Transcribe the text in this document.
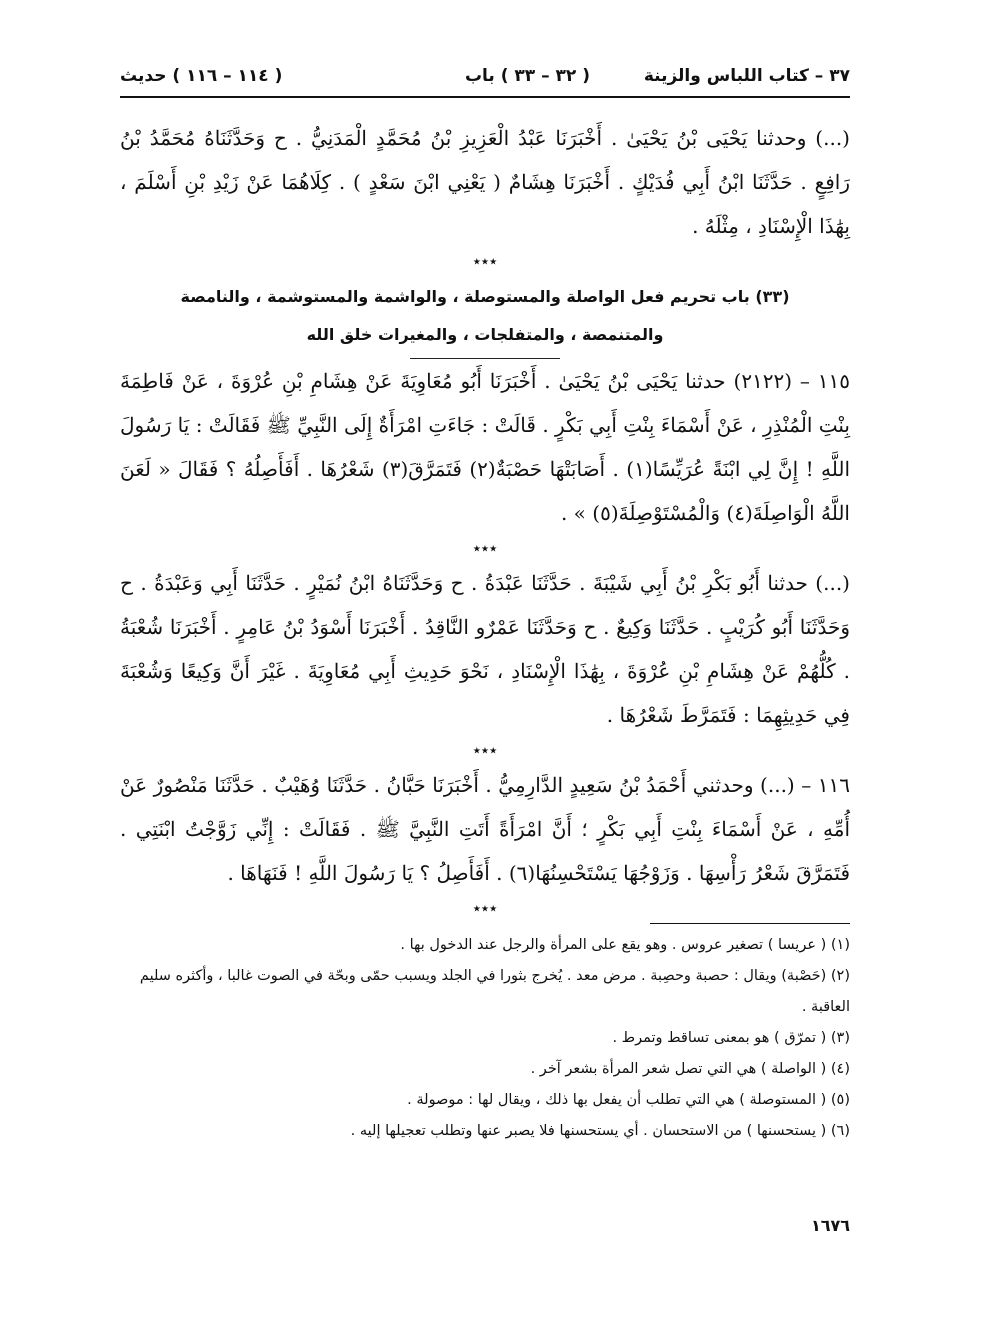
٣٧ – كتاب اللباس والزينة
( ٣٢ – ٣٣ ) باب
( ١١٤ – ١١٦ ) حديث

(...) وحدثنا يَحْيَى بْنُ يَحْيَىٰ . أَخْبَرَنَا عَبْدُ الْعَزِيزِ بْنُ مُحَمَّدٍ الْمَدَنِيُّ . ح وَحَدَّثَنَاهُ مُحَمَّدُ بْنُ رَافِعٍ . حَدَّثَنَا ابْنُ أَبِي فُدَيْكٍ . أَخْبَرَنَا هِشَامٌ ( يَعْنِي ابْنَ سَعْدٍ ) . كِلَاهُمَا عَنْ زَيْدِ بْنِ أَسْلَمَ ، بِهَٰذَا الْإِسْنَادِ ، مِثْلَهُ .

٭٭٭
(٣٣) باب تحريم فعل الواصلة والمستوصلة ، والواشمة والمستوشمة ، والنامصة والمتنمصة ، والمتفلجات ، والمغيرات خلق الله

١١٥ – (٢١٢٢) حدثنا يَحْيَى بْنُ يَحْيَىٰ . أَخْبَرَنَا أَبُو مُعَاوِيَةَ عَنْ هِشَامِ بْنِ عُرْوَةَ ، عَنْ فَاطِمَةَ بِنْتِ الْمُنْذِرِ ، عَنْ أَسْمَاءَ بِنْتِ أَبِي بَكْرٍ . قَالَتْ : جَاءَتِ امْرَأَةٌ إِلَى النَّبِيِّ ﷺ فَقَالَتْ : يَا رَسُولَ اللَّهِ ! إِنَّ لِي ابْنَةً عُرَيِّسًا(١) . أَصَابَتْهَا حَصْبَةٌ(٢) فَتَمَرَّقَ(٣) شَعْرُهَا . أَفَأَصِلُهُ ؟ فَقَالَ « لَعَنَ اللَّهُ الْوَاصِلَةَ(٤) وَالْمُسْتَوْصِلَةَ(٥) » .

٭٭٭

(...) حدثنا أَبُو بَكْرِ بْنُ أَبِي شَيْبَةَ . حَدَّثَنَا عَبْدَةُ . ح وَحَدَّثَنَاهُ ابْنُ نُمَيْرٍ . حَدَّثَنَا أَبِي وَعَبْدَةُ . ح وَحَدَّثَنَا أَبُو كُرَيْبٍ . حَدَّثَنَا وَكِيعٌ . ح وَحَدَّثَنَا عَمْرٌو النَّاقِدُ . أَخْبَرَنَا أَسْوَدُ بْنُ عَامِرٍ . أَخْبَرَنَا شُعْبَةُ . كُلُّهُمْ عَنْ هِشَامِ بْنِ عُرْوَةَ ، بِهَٰذَا الْإِسْنَادِ ، نَحْوَ حَدِيثِ أَبِي مُعَاوِيَةَ . غَيْرَ أَنَّ وَكِيعًا وَشُعْبَةَ فِي حَدِيثِهِمَا : فَتَمَرَّطَ شَعْرُهَا .

٭٭٭

١١٦ – (...) وحدثني أَحْمَدُ بْنُ سَعِيدٍ الدَّارِمِيُّ . أَخْبَرَنَا حَبَّانُ . حَدَّثَنَا وُهَيْبٌ . حَدَّثَنَا مَنْصُورٌ عَنْ أُمِّهِ ، عَنْ أَسْمَاءَ بِنْتِ أَبِي بَكْرٍ ؛ أَنَّ امْرَأَةً أَتَتِ النَّبِيَّ ﷺ . فَقَالَتْ : إِنِّي زَوَّجْتُ ابْنَتِي . فَتَمَرَّقَ شَعْرُ رَأْسِهَا . وَزَوْجُهَا يَسْتَحْسِنُهَا(٦) . أَفَأَصِلُ ؟ يَا رَسُولَ اللَّهِ ! فَنَهَاهَا .

٭٭٭

(١) ( عريسا ) تصغير عروس . وهو يقع على المرأة والرجل عند الدخول بها .

(٢) (حَصْبة) ويقال : حصبة وحصِبة . مرض معد . يُخرج بثورا في الجلد ويسبب حمّى وبحّة في الصوت غالبا ، وأكثره سليم العاقبة .

(٣) ( تمرّق ) هو بمعنى تساقط وتمرط .

(٤) ( الواصلة ) هي التي تصل شعر المرأة بشعر آخر .

(٥) ( المستوصلة ) هي التي تطلب أن يفعل بها ذلك ، ويقال لها : موصولة .

(٦) ( يستحسنها ) من الاستحسان . أي يستحسنها فلا يصبر عنها وتطلب تعجيلها إليه .

١٦٧٦
